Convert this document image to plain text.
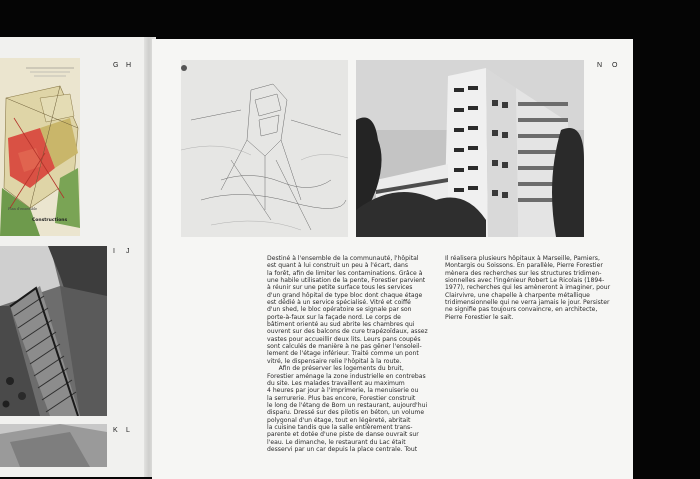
G H
I J
K L
N O
Plan d'ensemble
Constructions
Destiné à l'ensemble de la communauté, l'hôpital
est quant à lui construit un peu à l'écart, dans
la forêt, afin de limiter les contaminations. Grâce à
une habile utilisation de la pente, Forestier parvient
à réunir sur une petite surface tous les services
d'un grand hôpital de type bloc dont chaque étage
est dédié à un service spécialisé. Vitré et coiffé
d'un shed, le bloc opératoire se signale par son
porte-à-faux sur la façade nord. Le corps de
bâtiment orienté au sud abrite les chambres qui
ouvrent sur des balcons de cure trapézoïdaux, assez
vastes pour accueillir deux lits. Leurs pans coupés
sont calculés de manière à ne pas gêner l'ensoleil-
lement de l'étage inférieur. Traité comme un pont
vitré, le dispensaire relie l'hôpital à la route.
Afin de préserver les logements du bruit,
Forestier aménage la zone industrielle en contrebas
du site. Les malades travaillent au maximum
4 heures par jour à l'imprimerie, la menuiserie ou
la serrurerie. Plus bas encore, Forestier construit
le long de l'étang de Born un restaurant, aujourd'hui
disparu. Dressé sur des pilotis en béton, un volume
polygonal d'un étage, tout en légèreté, abritait
la cuisine tandis que la salle entièrement trans-
parente et dotée d'une piste de danse ouvrait sur
l'eau. Le dimanche, le restaurant du Lac était
desservi par un car depuis la place centrale. Tout
Il réalisera plusieurs hôpitaux à Marseille, Pamiers,
Montargis ou Soissons. En parallèle, Pierre Forestier
mènera des recherches sur les structures tridimen-
sionnelles avec l'ingénieur Robert Le Ricolais (1894-
1977), recherches qui les amèneront à imaginer, pour
Clairvivre, une chapelle à charpente métallique
tridimensionnelle qui ne verra jamais le jour. Persister
ne signifie pas toujours convaincre, en architecte,
Pierre Forestier le sait.
